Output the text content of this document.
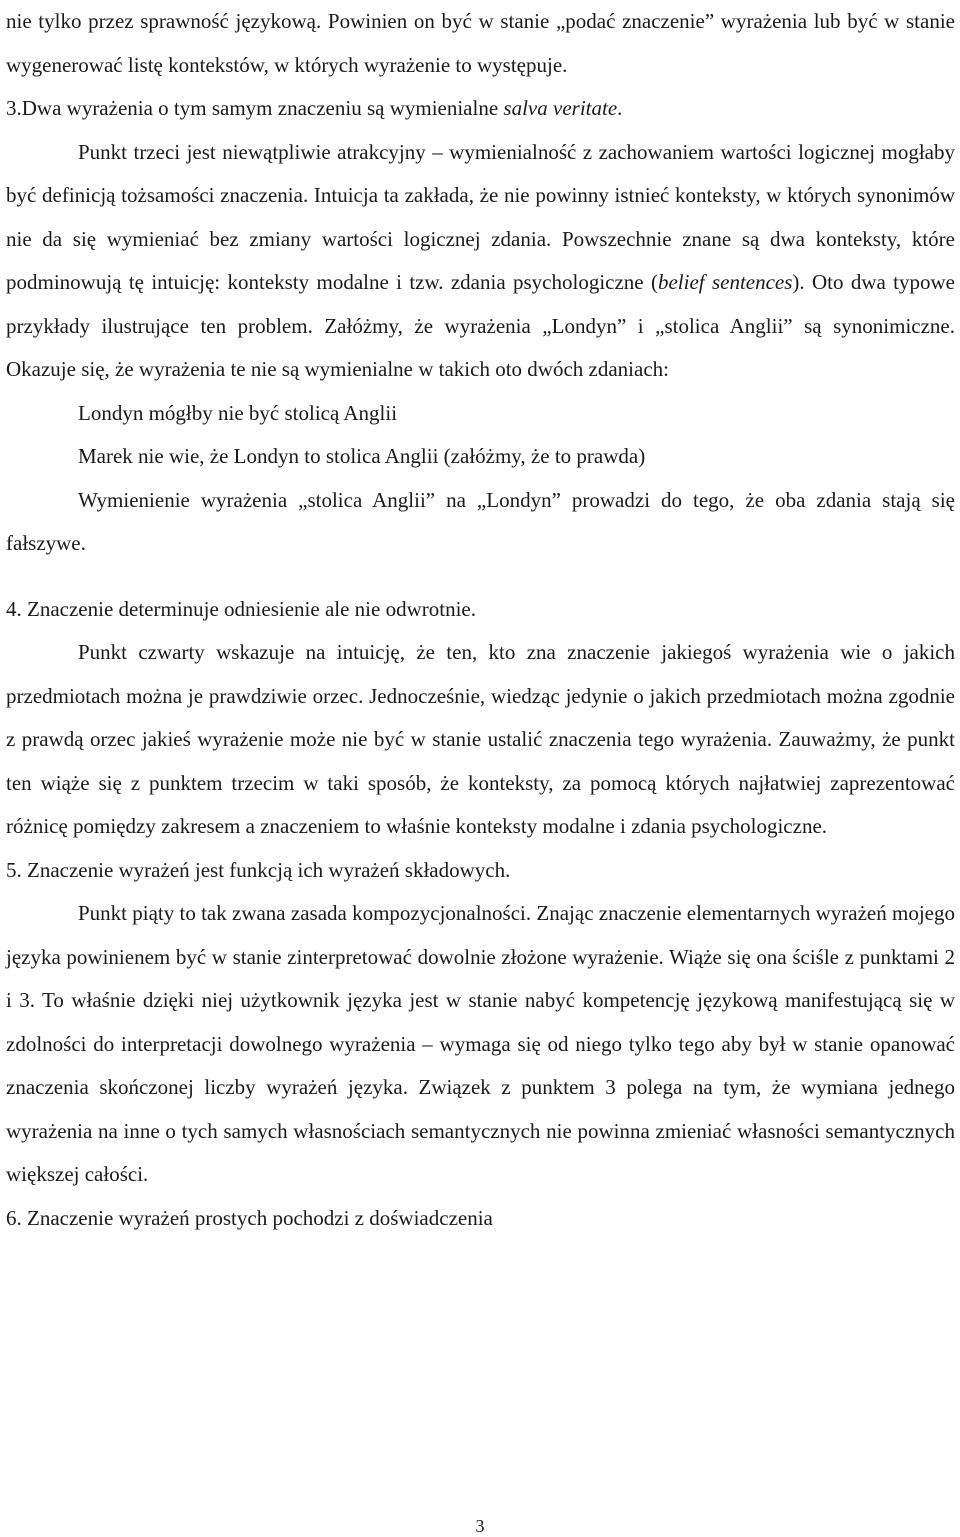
nie tylko przez sprawność językową. Powinien on być w stanie „podać znaczenie” wyrażenia lub być w stanie wygenerować listę kontekstów, w których wyrażenie to występuje.

3.Dwa wyrażenia o tym samym znaczeniu są wymienialne salva veritate.

Punkt trzeci jest niewątpliwie atrakcyjny – wymienialność z zachowaniem wartości logicznej mogłaby być definicją tożsamości znaczenia. Intuicja ta zakłada, że nie powinny istnieć konteksty, w których synonimów nie da się wymieniać bez zmiany wartości logicznej zdania. Powszechnie znane są dwa konteksty, które podminowują tę intuicję: konteksty modalne i tzw. zdania psychologiczne (belief sentences). Oto dwa typowe przykłady ilustrujące ten problem. Załóżmy, że wyrażenia „Londyn” i „stolica Anglii” są synonimiczne. Okazuje się, że wyrażenia te nie są wymienialne w takich oto dwóch zdaniach:

Londyn mógłby nie być stolicą Anglii

Marek nie wie, że Londyn to stolica Anglii (załóżmy, że to prawda)

Wymienienie wyrażenia „stolica Anglii” na „Londyn” prowadzi do tego, że oba zdania stają się fałszywe.

4. Znaczenie determinuje odniesienie ale nie odwrotnie.

Punkt czwarty wskazuje na intuicję, że ten, kto zna znaczenie jakiegoś wyrażenia wie o jakich przedmiotach można je prawdziwie orzec. Jednocześnie, wiedząc jedynie o jakich przedmiotach można zgodnie z prawdą orzec jakieś wyrażenie może nie być w stanie ustalić znaczenia tego wyrażenia. Zauważmy, że punkt ten wiąże się z punktem trzecim w taki sposób, że konteksty, za pomocą których najłatwiej zaprezentować różnicę pomiędzy zakresem a znaczeniem to właśnie konteksty modalne i zdania psychologiczne.

5. Znaczenie wyrażeń jest funkcją ich wyrażeń składowych.

Punkt piąty to tak zwana zasada kompozycjonalności. Znając znaczenie elementarnych wyrażeń mojego języka powinienem być w stanie zinterpretować dowolnie złożone wyrażenie. Wiąże się ona ściśle z punktami 2 i 3. To właśnie dzięki niej użytkownik języka jest w stanie nabyć kompetencję językową manifestującą się w zdolności do interpretacji dowolnego wyrażenia – wymaga się od niego tylko tego aby był w stanie opanować znaczenia skończonej liczby wyrażeń języka. Związek z punktem 3 polega na tym, że wymiana jednego wyrażenia na inne o tych samych własnościach semantycznych nie powinna zmieniać własności semantycznych większej całości.

6. Znaczenie wyrażeń prostych pochodzi z doświadczenia

3
